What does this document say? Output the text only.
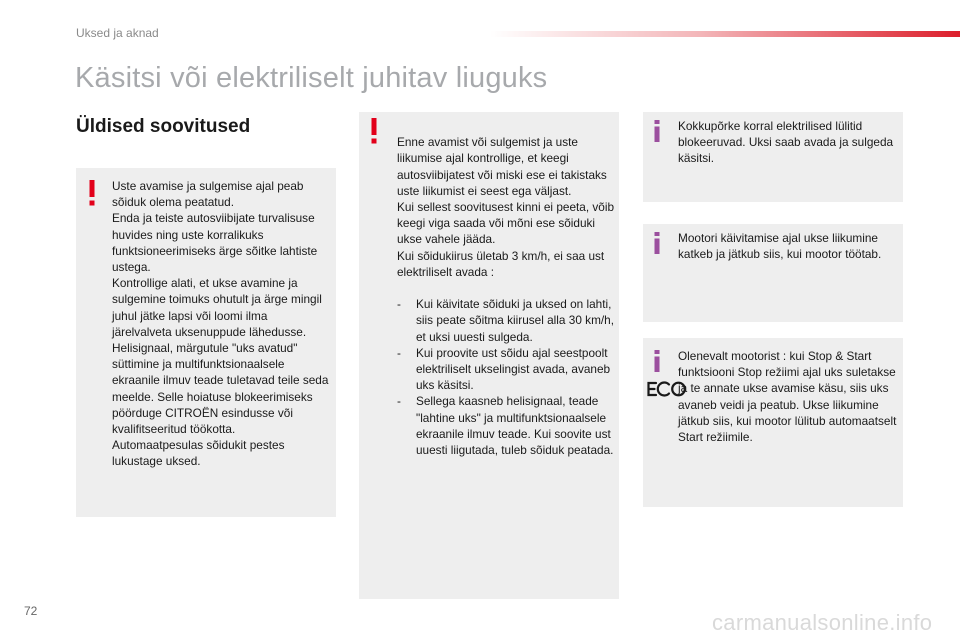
Uksed ja aknad
Käsitsi või elektriliselt juhitav liuguks
Üldised soovitused
Uste avamise ja sulgemise ajal peab sõiduk olema peatatud.
Enda ja teiste autosviibijate turvalisuse huvides ning uste korralikuks funktsioneerimiseks ärge sõitke lahtiste ustega.
Kontrollige alati, et ukse avamine ja sulgemine toimuks ohutult ja ärge mingil juhul jätke lapsi või loomi ilma järelvalveta uksenuppude lähedusse.
Helisignaal, märgutule "uks avatud" süttimine ja multifunktsionaalsele ekraanile ilmuv teade tuletavad teile seda meelde. Selle hoiatuse blokeerimiseks pöörduge CITROËN esindusse või kvalifitseeritud töökotta.
Automaatpesulas sõidukit pestes lukustage uksed.

Enne avamist või sulgemist ja uste liikumise ajal kontrollige, et keegi autosviibijatest või miski ese ei takistaks uste liikumist ei seest ega väljast.
Kui sellest soovitusest kinni ei peeta, võib keegi viga saada või mõni ese sõiduki ukse vahele jääda.
Kui sõidukiirus ületab 3 km/h, ei saa ust elektriliselt avada :

- Kui käivitate sõiduki ja uksed on lahti, siis peate sõitma kiirusel alla 30 km/h, et uksi uuesti sulgeda.
- Kui proovite ust sõidu ajal seestpoolt elektriliselt ukselingist avada, avaneb uks käsitsi.
- Sellega kaasneb helisignaal, teade "lahtine uks" ja multifunktsionaalsele ekraanile ilmuv teade. Kui soovite ust uuesti liigutada, tuleb sõiduk peatada.

Kokkupõrke korral elektrilised lülitid blokeeruvad. Uksi saab avada ja sulgeda käsitsi.
Mootori käivitamise ajal ukse liikumine katkeb ja jätkub siis, kui mootor töötab.
Olenevalt mootorist : kui Stop & Start funktsiooni Stop režiimi ajal uks suletakse ja te annate ukse avamise käsu, siis uks avaneb veidi ja peatub. Ukse liikumine jätkub siis, kui mootor lülitub automaatselt Start režiimile.
72	carmanualsonline.info
